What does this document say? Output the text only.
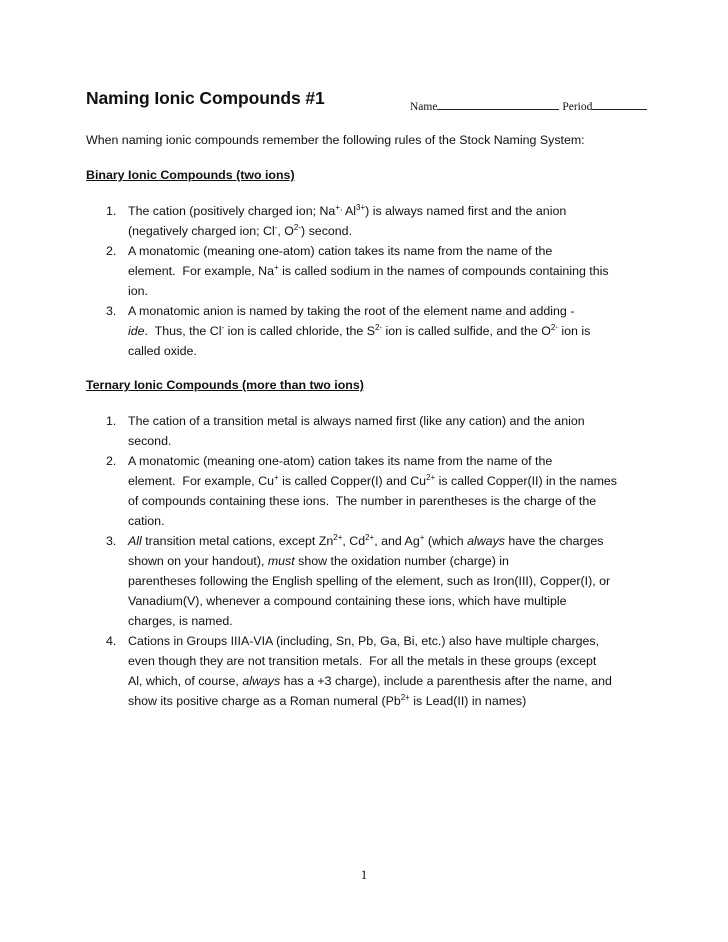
Naming Ionic Compounds #1	Name	Period
When naming ionic compounds remember the following rules of the Stock Naming System:
Binary Ionic Compounds (two ions)
1. The cation (positively charged ion; Na+, $Al^{3+}$) is always named first and the anion
(negatively charged ion; Cl-, $O^{2-}$) second.
2. A monatomic (meaning one-atom) cation takes its name from the name of the
element.  For example, Na+ is called sodium in the names of compounds containing this
ion.
3. A monatomic anion is named by taking the root of the element name and adding -
ide.  Thus, the Cl- ion is called chloride, the $S^{2-}$ ion is called sulfide, and the $O^{2-}$ ion is
called oxide.
Ternary Ionic Compounds (more than two ions)
1. The cation of a transition metal is always named first (like any cation) and the anion
second.
2. A monatomic (meaning one-atom) cation takes its name from the name of the
element.  For example, Cu+ is called Copper(I) and $Cu^{2+}$ is called Copper(II) in the names
of compounds containing these ions.  The number in parentheses is the charge of the
cation.
3. All transition metal cations, except $Zn^{2+}$, $Cd^{2+}$, and Ag+ (which always have the charges
shown on your handout), must show the oxidation number (charge) in
parentheses following the English spelling of the element, such as Iron(III), Copper(I), or
Vanadium(V), whenever a compound containing these ions, which have multiple
charges, is named.
4. Cations in Groups IIIA-VIA (including, Sn, Pb, Ga, Bi, etc.) also have multiple charges,
even though they are not transition metals.  For all the metals in these groups (except
Al, which, of course, always has a +3 charge), include a parenthesis after the name, and
show its positive charge as a Roman numeral ($Pb^{2+}$ is Lead(II) in names)
1
